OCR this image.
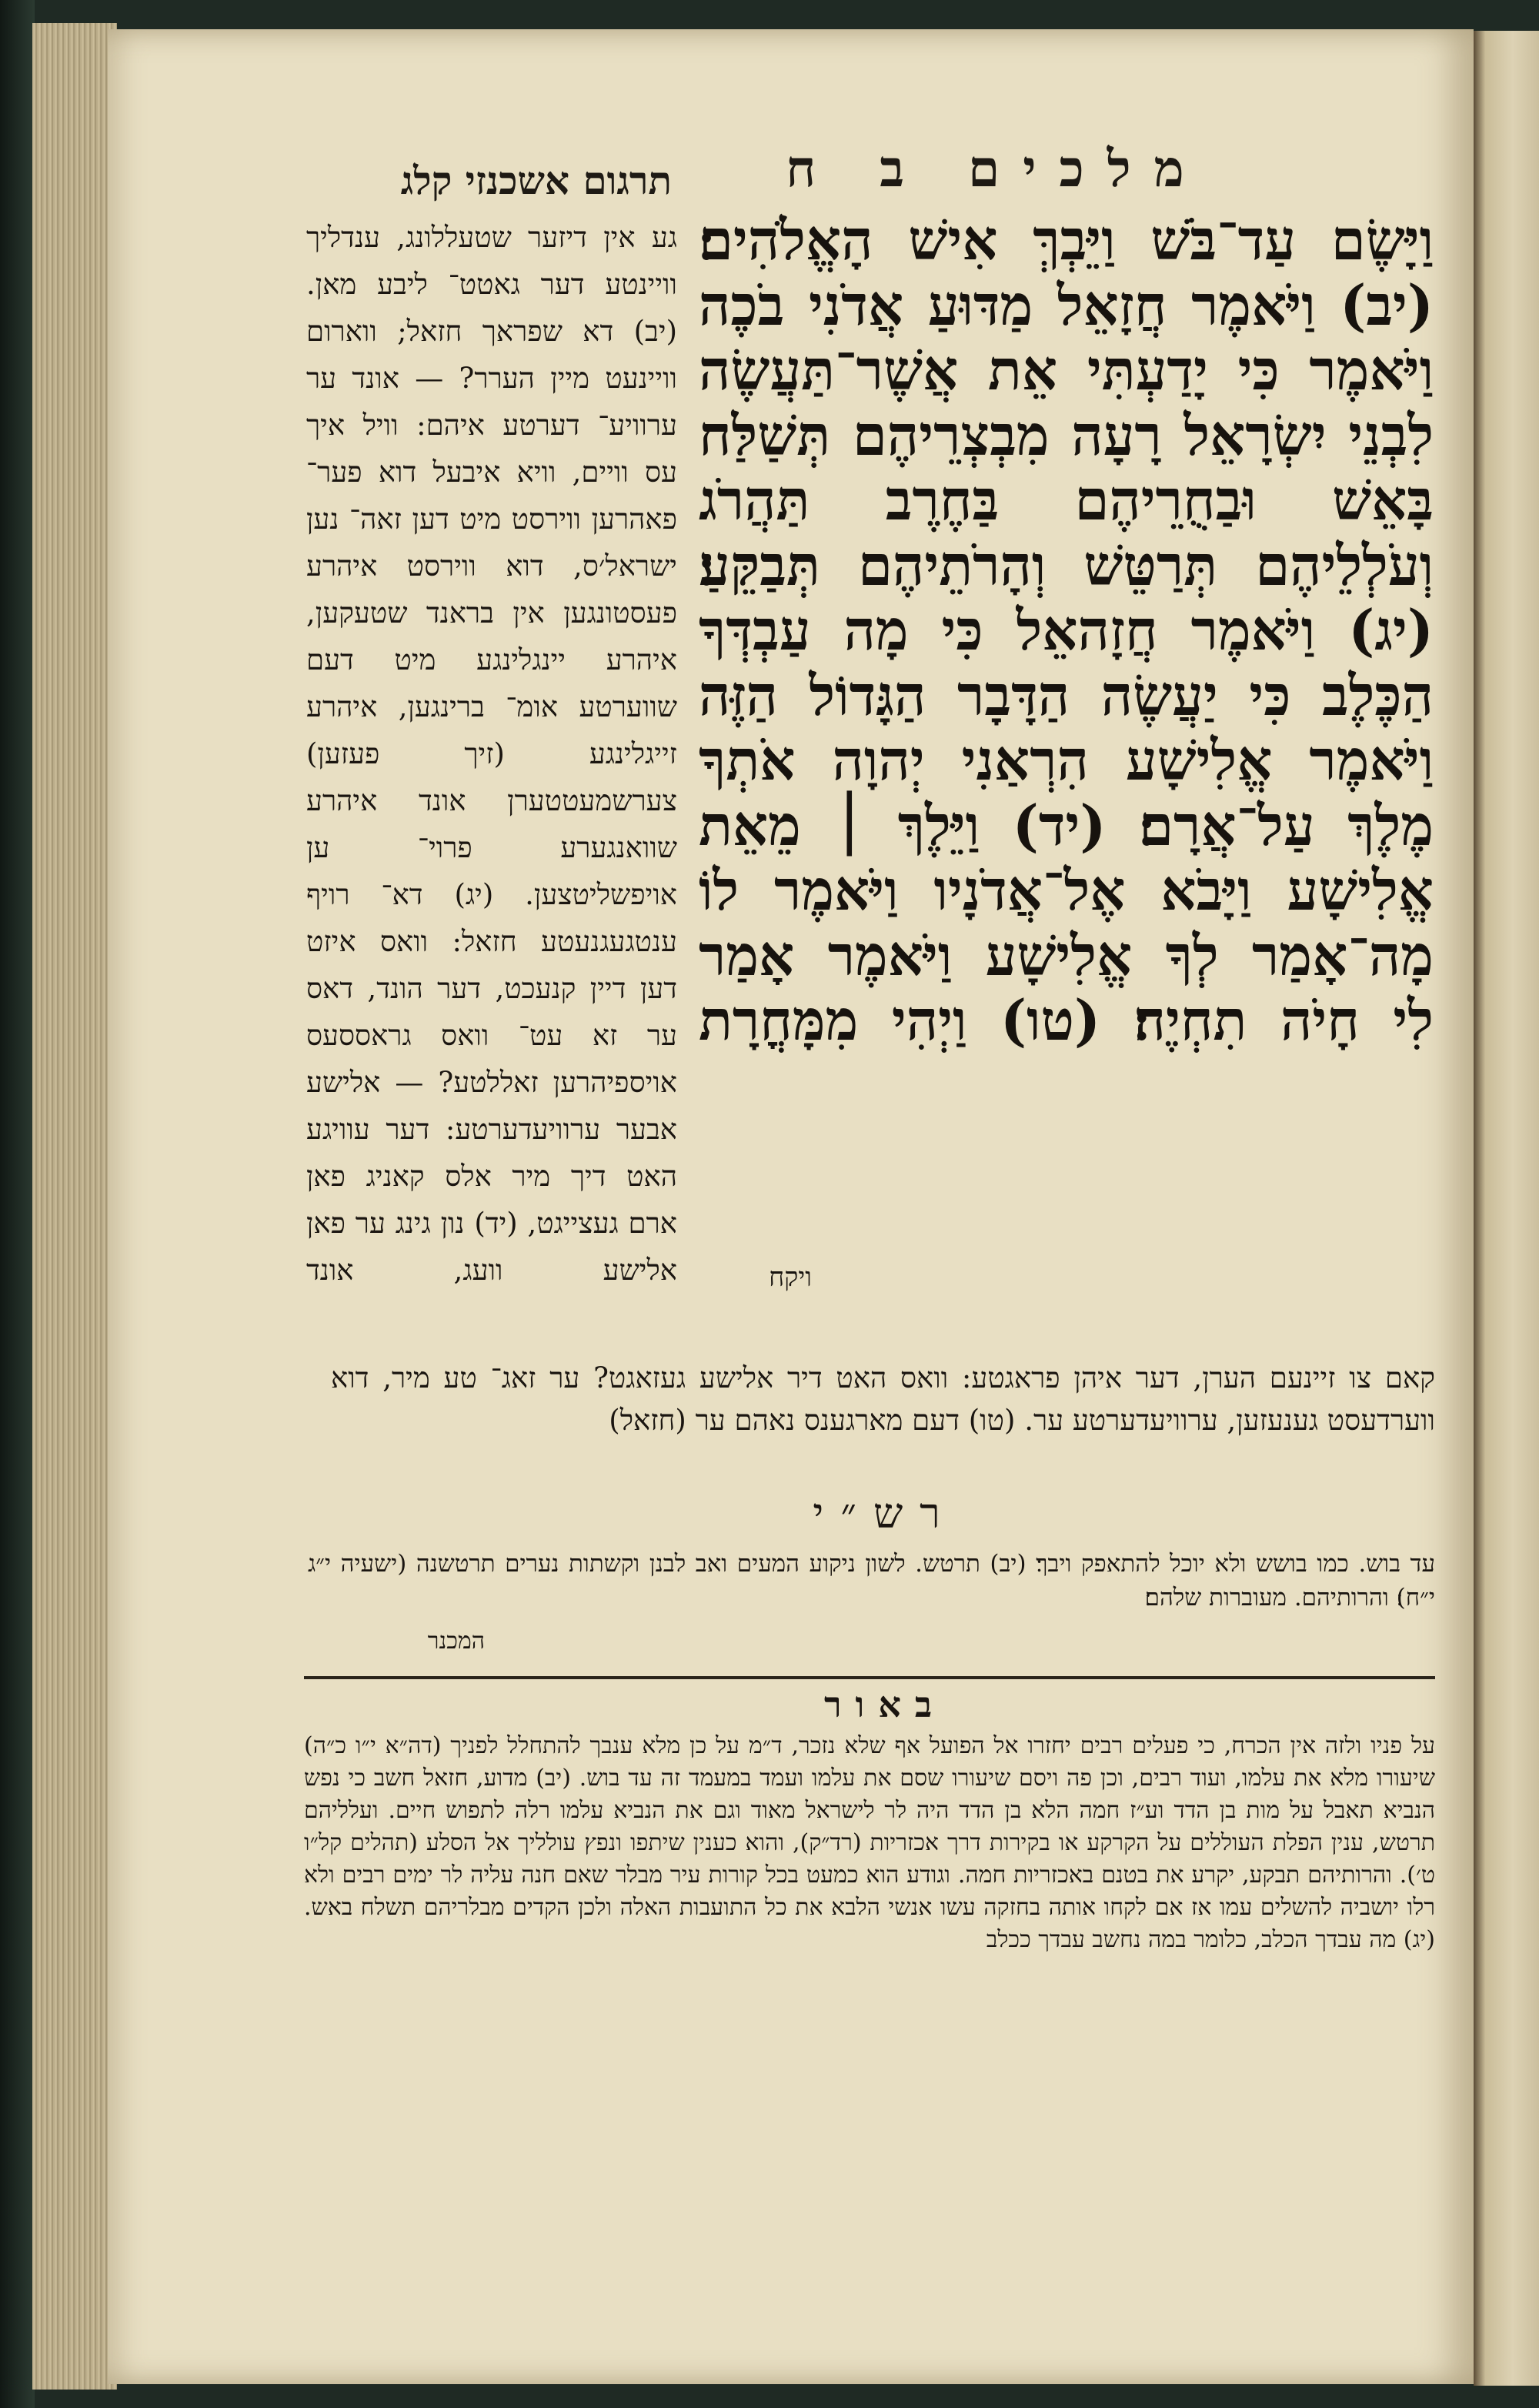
מלכים ב ח
תרגום אשכנזי קלג
וַיָּשֶׂם עַד־בֹּשׁ וַיֵּבְךְּ אִישׁ הָאֱלֹהִים׃ (יב) וַיֹּאמֶר חֲזָאֵל מַדּוּעַ אֲדֹנִי בֹכֶה וַיֹּאמֶר כִּי יָדַעְתִּי אֵת אֲשֶׁר־תַּעֲשֶׂה לִבְנֵי יִשְׂרָאֵל רָעָה מִבְצְרֵיהֶם תְּשַׁלַּח בָּאֵשׁ וּבַחֻרֵיהֶם בַּחֶרֶב תַּהֲרֹג וְעֹלְלֵיהֶם תְּרַטֵּשׁ וְהָרֹתֵיהֶם תְּבַקֵּעַ׃ (יג) וַיֹּאמֶר חֲזָהאֵל כִּי מָה עַבְדְּךָ הַכֶּלֶב כִּי יַעֲשֶׂה הַדָּבָר הַגָּדוֹל הַזֶּה וַיֹּאמֶר אֱלִישָׁע הִרְאַנִי יְהוָה אֹתְךָ מֶלֶךְ עַל־אֲרָם׃ (יד) וַיֵּלֶךְ ׀ מֵאֵת אֱלִישָׁע וַיָּבֹא אֶל־אֲדֹנָיו וַיֹּאמֶר לוֹ מָה־אָמַר לְךָ אֱלִישָׁע וַיֹּאמֶר אָמַר לִי חָיֹה תִחְיֶה׃ (טו) וַיְהִי מִמָּחֳרָת
ויקח
גע אין דיזער שטעללונג, ענדליך וויינטע דער גאטט־ ליבע מאן. (יב) דא שפראך חזאל; ווארום וויינעט מיין הערר? — אונד ער ערוויע־ דערטע איהם: וויל איך עס וויים, וויא איבעל דוא פער־ פאהרען ווירסט מיט דען זאה־ נען ישראל׳ס, דוא ווירסט איהרע פעסטונגען אין בראנד שטעקען, איהרע יינגלינגע מיט דעם שווערטע אומ־ ברינגען, איהרע זייגלינגע (זיך פעזען) צערשמעטטערן אונד איהרע שוואנגערע פרוי־ ען אויפשליטצען. (יג) דא־ רויף ענטגעגנעטע חזאל: וואס איזט דען דיין קנעכט, דער הונד, דאס ער זא עט־ וואס גראססעס אויספיהרען זאללטע? — אלישע אבער ערוויעדערטע: דער עוויגע האט דיך מיר אלס קאניג פאן ארם געצייגט, (יד) נון גינג ער פאן אלישע וועג, אונד
קאם צו זיינעם הערן, דער איהן פראגטע: וואס האט דיר אלישע געזאגט? ער זאג־ טע מיר, דוא ווערדעסט גענעזען, ערוויעדערטע ער. (טו) דעם מארגענס נאהם ער (חזאל)
רש״י
עד בוש. כמו בושש ולא יוכל להתאפק ויבך׃ (יב) תרטש. לשון ניקוע המעים ואב לבנן וקשתות נערים תרטשנה (ישעיה י״ג י״ח)׃ והרותיהם. מעוברות שלהם׃
המכנר
באור
על פניו ולזה אין הכרח, כי פעלים רבים יחזרו אל הפועל אף שלא נזכר, ד״מ על כן מלא ענבך להתחלל לפניך (דה״א י״ו כ״ה) שיעורו מלא את עלמו, ועוד רבים, וכן פה ויסם שיעורו שסם את עלמו ועמד במעמד זה עד בוש. (יב) מדוע, חזאל חשב כי נפש הנביא תאבל על מות בן הדד וע״ז חמה הלא בן הדד היה לר לישראל מאוד וגם את הנביא עלמו רלה לתפוש חיים. ועלליהם תרטש, ענין הפלת העוללים על הקרקע או בקירות דרך אכזריות (רד״ק), והוא כענין שיתפו ונפץ עולליך אל הסלע (תהלים קל״ו ט׳). והרותיהם תבקע, יקרע את בטנם באכזריות חמה. וגודע הוא כמעט בכל קורות עיר מבלר שאם חנה עליה לר ימים רבים ולא רלו יושביה להשלים עמו אז אם לקחו אותה בחזקה עשו אנשי הלבא את כל התועבות האלה ולכן הקדים מבלריהם תשלח באש. (יג) מה עבדך הכלב, כלומר במה נחשב עבדך ככלב
